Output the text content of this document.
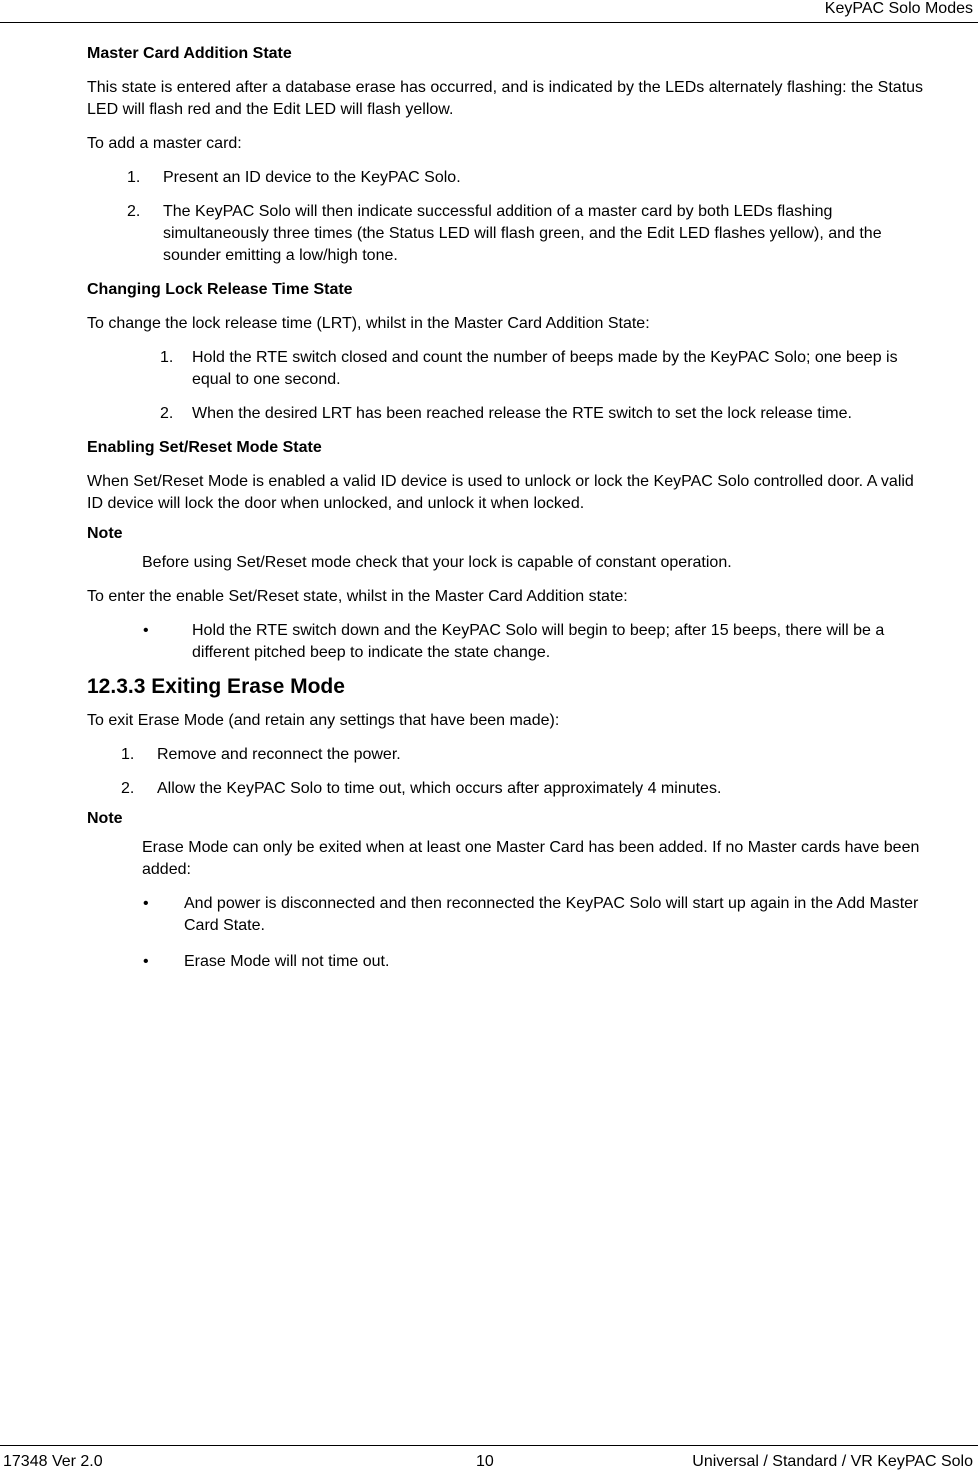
KeyPAC Solo Modes

Master Card Addition State

This state is entered after a database erase has occurred, and is indicated by the LEDs alternately flashing: the Status LED will flash red and the Edit LED will flash yellow.

To add a master card:

1. Present an ID device to the KeyPAC Solo.
2. The KeyPAC Solo will then indicate successful addition of a master card by both LEDs flashing simultaneously three times (the Status LED will flash green, and the Edit LED flashes yellow), and the sounder emitting a low/high tone.

Changing Lock Release Time State

To change the lock release time (LRT), whilst in the Master Card Addition State:

1. Hold the RTE switch closed and count the number of beeps made by the KeyPAC Solo; one beep is equal to one second.
2. When the desired LRT has been reached release the RTE switch to set the lock release time.

Enabling Set/Reset Mode State

When Set/Reset Mode is enabled a valid ID device is used to unlock or lock the KeyPAC Solo controlled door. A valid ID device will lock the door when unlocked, and unlock it when locked.

Note

Before using Set/Reset mode check that your lock is capable of constant operation.

To enter the enable Set/Reset state, whilst in the Master Card Addition state:

•	Hold the RTE switch down and the KeyPAC Solo will begin to beep; after 15 beeps, there will be a different pitched beep to indicate the state change.

12.3.3 Exiting Erase Mode

To exit Erase Mode (and retain any settings that have been made):

1. Remove and reconnect the power.
2. Allow the KeyPAC Solo to time out, which occurs after approximately 4 minutes.

Note

Erase Mode can only be exited when at least one Master Card has been added. If no Master cards have been added:

• And power is disconnected and then reconnected the KeyPAC Solo will start up again in the Add Master Card State.
• Erase Mode will not time out.
17348 Ver 2.0	10	Universal / Standard / VR KeyPAC Solo
